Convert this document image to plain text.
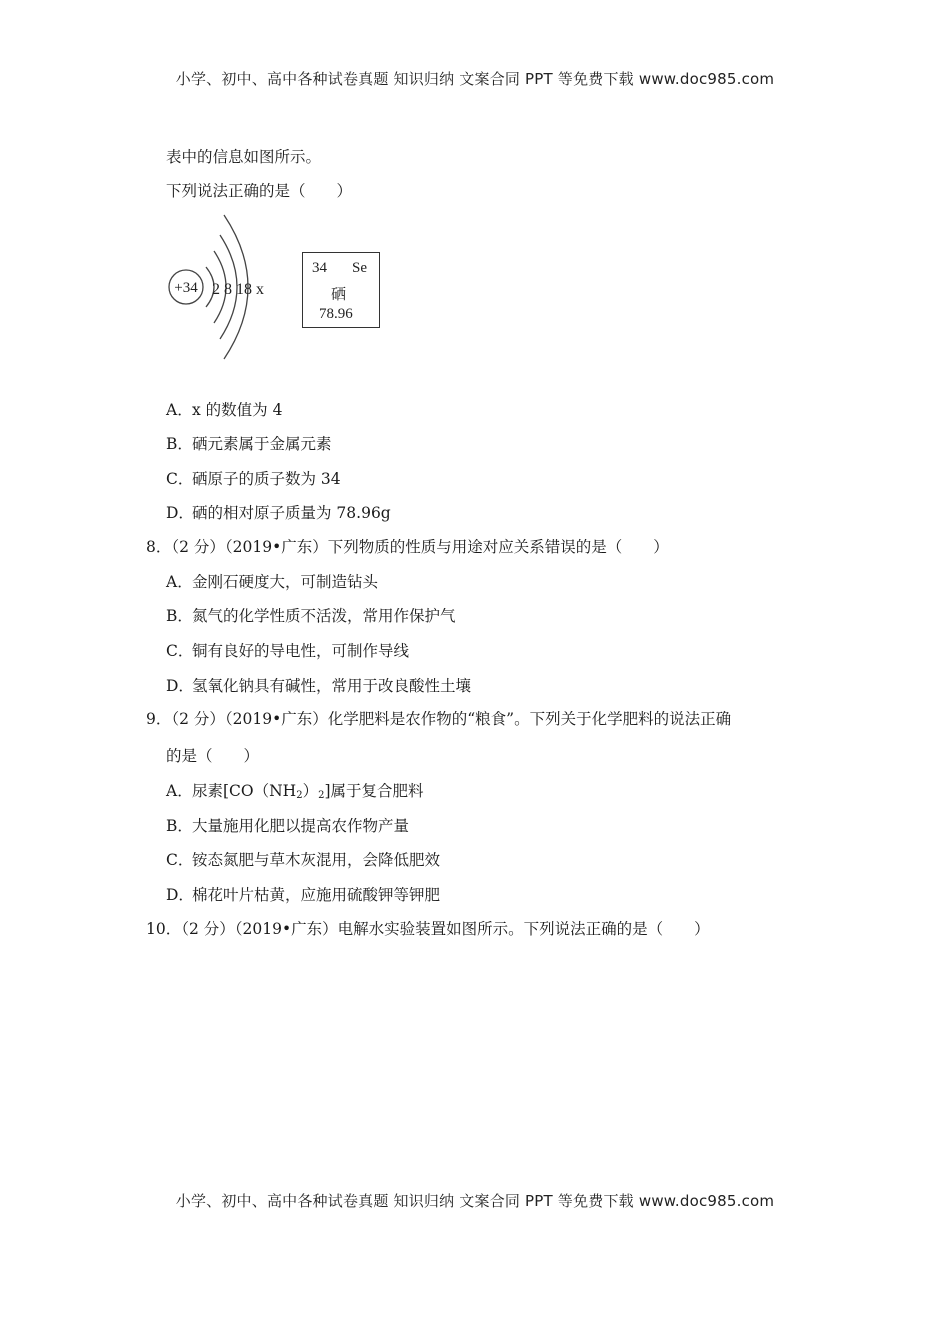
小学、初中、高中各种试卷真题 知识归纳 文案合同 PPT 等免费下载 www.doc985.com
表中的信息如图所示。
下列说法正确的是（　　）
+34 2 8 18 x
34 Se
硒
78.96
A．x 的数值为 4
B．硒元素属于金属元素
C．硒原子的质子数为 34
D．硒的相对原子质量为 78.96g
8．（2 分）（2019•广东）下列物质的性质与用途对应关系错误的是（　　）
A．金刚石硬度大，可制造钻头
B．氮气的化学性质不活泼，常用作保护气
C．铜有良好的导电性，可制作导线
D．氢氧化钠具有碱性，常用于改良酸性土壤
9．（2 分）（2019•广东）化学肥料是农作物的“粮食”。下列关于化学肥料的说法正确
的是（　　）
A．尿素$[CO(NH_2)_2]$属于复合肥料
B．大量施用化肥以提高农作物产量
C．铵态氮肥与草木灰混用，会降低肥效
D．棉花叶片枯黄，应施用硫酸钾等钾肥
10．（2 分）（2019•广东）电解水实验装置如图所示。下列说法正确的是（　　）
小学、初中、高中各种试卷真题 知识归纳 文案合同 PPT 等免费下载 www.doc985.com
